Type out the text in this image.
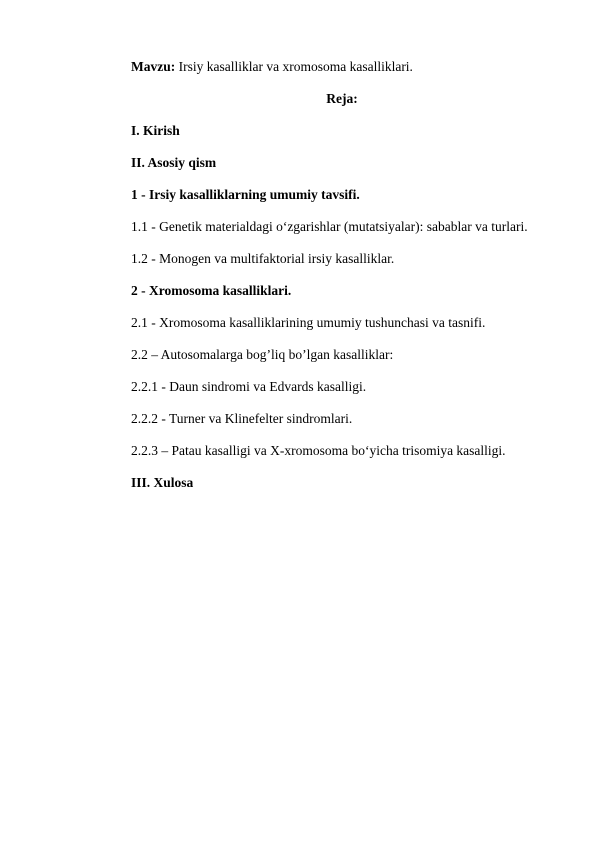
Mavzu: Irsiy kasalliklar va xromosoma kasalliklari.
Reja:
I. Kirish
II. Asosiy qism
1 - Irsiy kasalliklarning umumiy tavsifi.
1.1 - Genetik materialdagi o‘zgarishlar (mutatsiyalar): sabablar va turlari.
1.2 - Monogen va multifaktorial irsiy kasalliklar.
2 - Xromosoma kasalliklari.
2.1 - Xromosoma kasalliklarining umumiy tushunchasi va tasnifi.
2.2 – Autosomalarga bog’liq bo’lgan kasalliklar:
2.2.1 - Daun sindromi va Edvards kasalligi.
2.2.2 - Turner va Klinefelter sindromlari.
2.2.3 – Patau kasalligi va X-xromosoma bo‘yicha trisomiya kasalligi.
III. Xulosa
